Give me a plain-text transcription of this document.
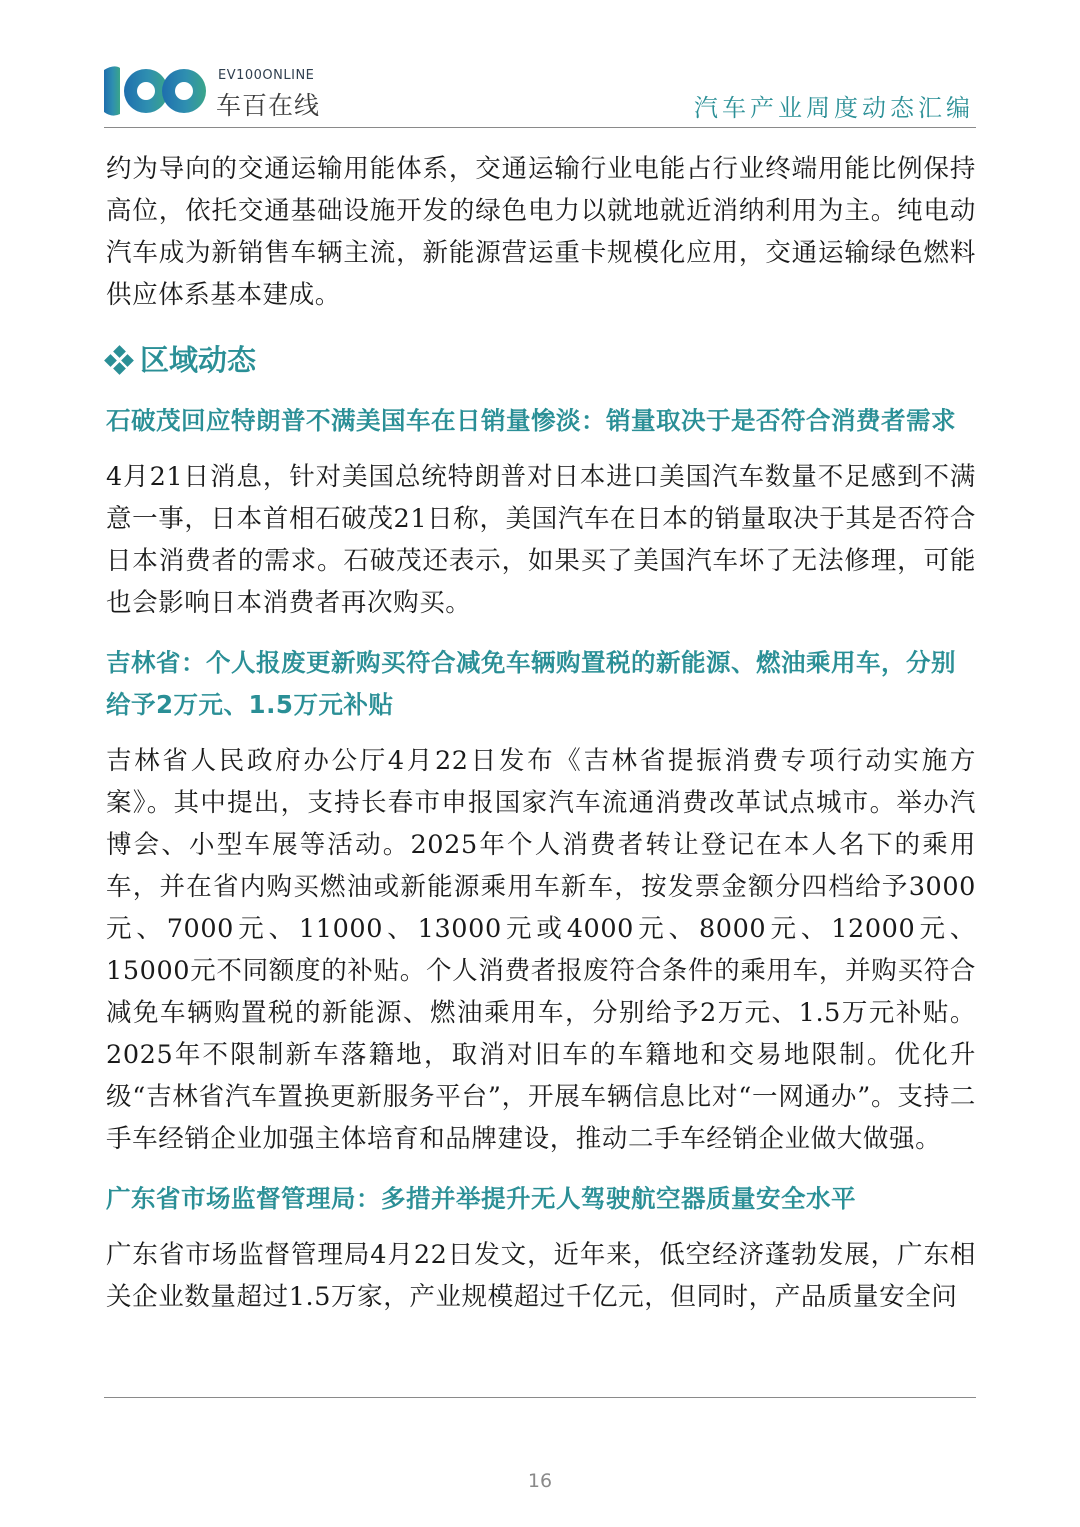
EV100ONLINE
车百在线	汽车产业周度动态汇编

约为导向的交通运输用能体系，交通运输行业电能占行业终端用能比例保持高位，依托交通基础设施开发的绿色电力以就地就近消纳利用为主。纯电动汽车成为新销售车辆主流，新能源营运重卡规模化应用，交通运输绿色燃料供应体系基本建成。

区域动态

石破茂回应特朗普不满美国车在日销量惨淡：销量取决于是否符合消费者需求

4月21日消息，针对美国总统特朗普对日本进口美国汽车数量不足感到不满意一事，日本首相石破茂21日称，美国汽车在日本的销量取决于其是否符合日本消费者的需求。石破茂还表示，如果买了美国汽车坏了无法修理，可能也会影响日本消费者再次购买。

吉林省：个人报废更新购买符合减免车辆购置税的新能源、燃油乘用车，分别给予2万元、1.5万元补贴

吉林省人民政府办公厅4月22日发布《吉林省提振消费专项行动实施方案》。其中提出，支持长春市申报国家汽车流通消费改革试点城市。举办汽博会、小型车展等活动。2025年个人消费者转让登记在本人名下的乘用车，并在省内购买燃油或新能源乘用车新车，按发票金额分四档给予3000元、7000元、11000、13000元或4000元、8000元、12000元、15000元不同额度的补贴。个人消费者报废符合条件的乘用车，并购买符合减免车辆购置税的新能源、燃油乘用车，分别给予2万元、1.5万元补贴。2025年不限制新车落籍地，取消对旧车的车籍地和交易地限制。优化升级“吉林省汽车置换更新服务平台”，开展车辆信息比对“一网通办”。支持二手车经销企业加强主体培育和品牌建设，推动二手车经销企业做大做强。

广东省市场监督管理局：多措并举提升无人驾驶航空器质量安全水平

广东省市场监督管理局4月22日发文，近年来，低空经济蓬勃发展，广东相关企业数量超过1.5万家，产业规模超过千亿元，但同时，产品质量安全问

16
